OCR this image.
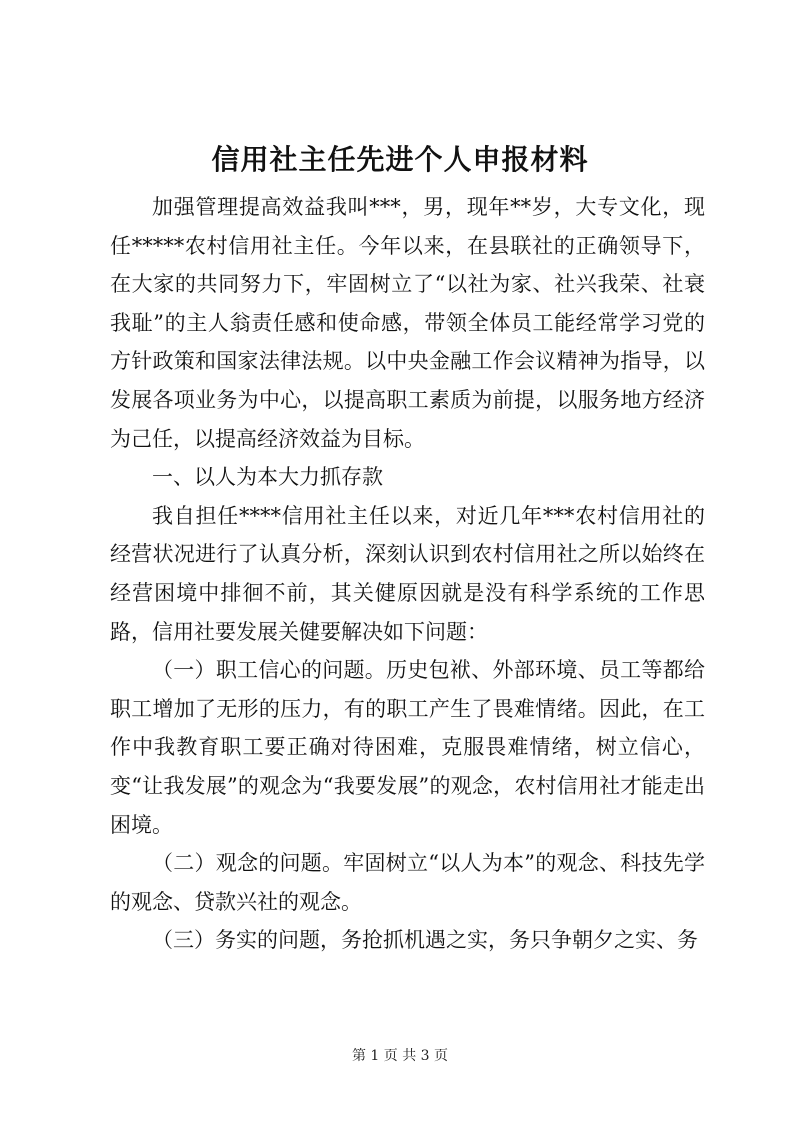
信用社主任先进个人申报材料

加强管理提高效益我叫***，男，现年**岁，大专文化，现任*****农村信用社主任。今年以来，在县联社的正确领导下，在大家的共同努力下，牢固树立了“以社为家、社兴我荣、社衰我耻”的主人翁责任感和使命感，带领全体员工能经常学习党的方针政策和国家法律法规。以中央金融工作会议精神为指导，以发展各项业务为中心，以提高职工素质为前提，以服务地方经济为己任，以提高经济效益为目标。

一、以人为本大力抓存款

我自担任****信用社主任以来，对近几年***农村信用社的经营状况进行了认真分析，深刻认识到农村信用社之所以始终在经营困境中排徊不前，其关健原因就是没有科学系统的工作思路，信用社要发展关健要解决如下问题：

（一）职工信心的问题。历史包袱、外部环境、员工等都给职工增加了无形的压力，有的职工产生了畏难情绪。因此，在工作中我教育职工要正确对待困难，克服畏难情绪，树立信心，变“让我发展”的观念为“我要发展”的观念，农村信用社才能走出困境。

（二）观念的问题。牢固树立“以人为本”的观念、科技先学的观念、贷款兴社的观念。

（三）务实的问题，务抢抓机遇之实，务只争朝夕之实、务

第 1 页 共 3 页
